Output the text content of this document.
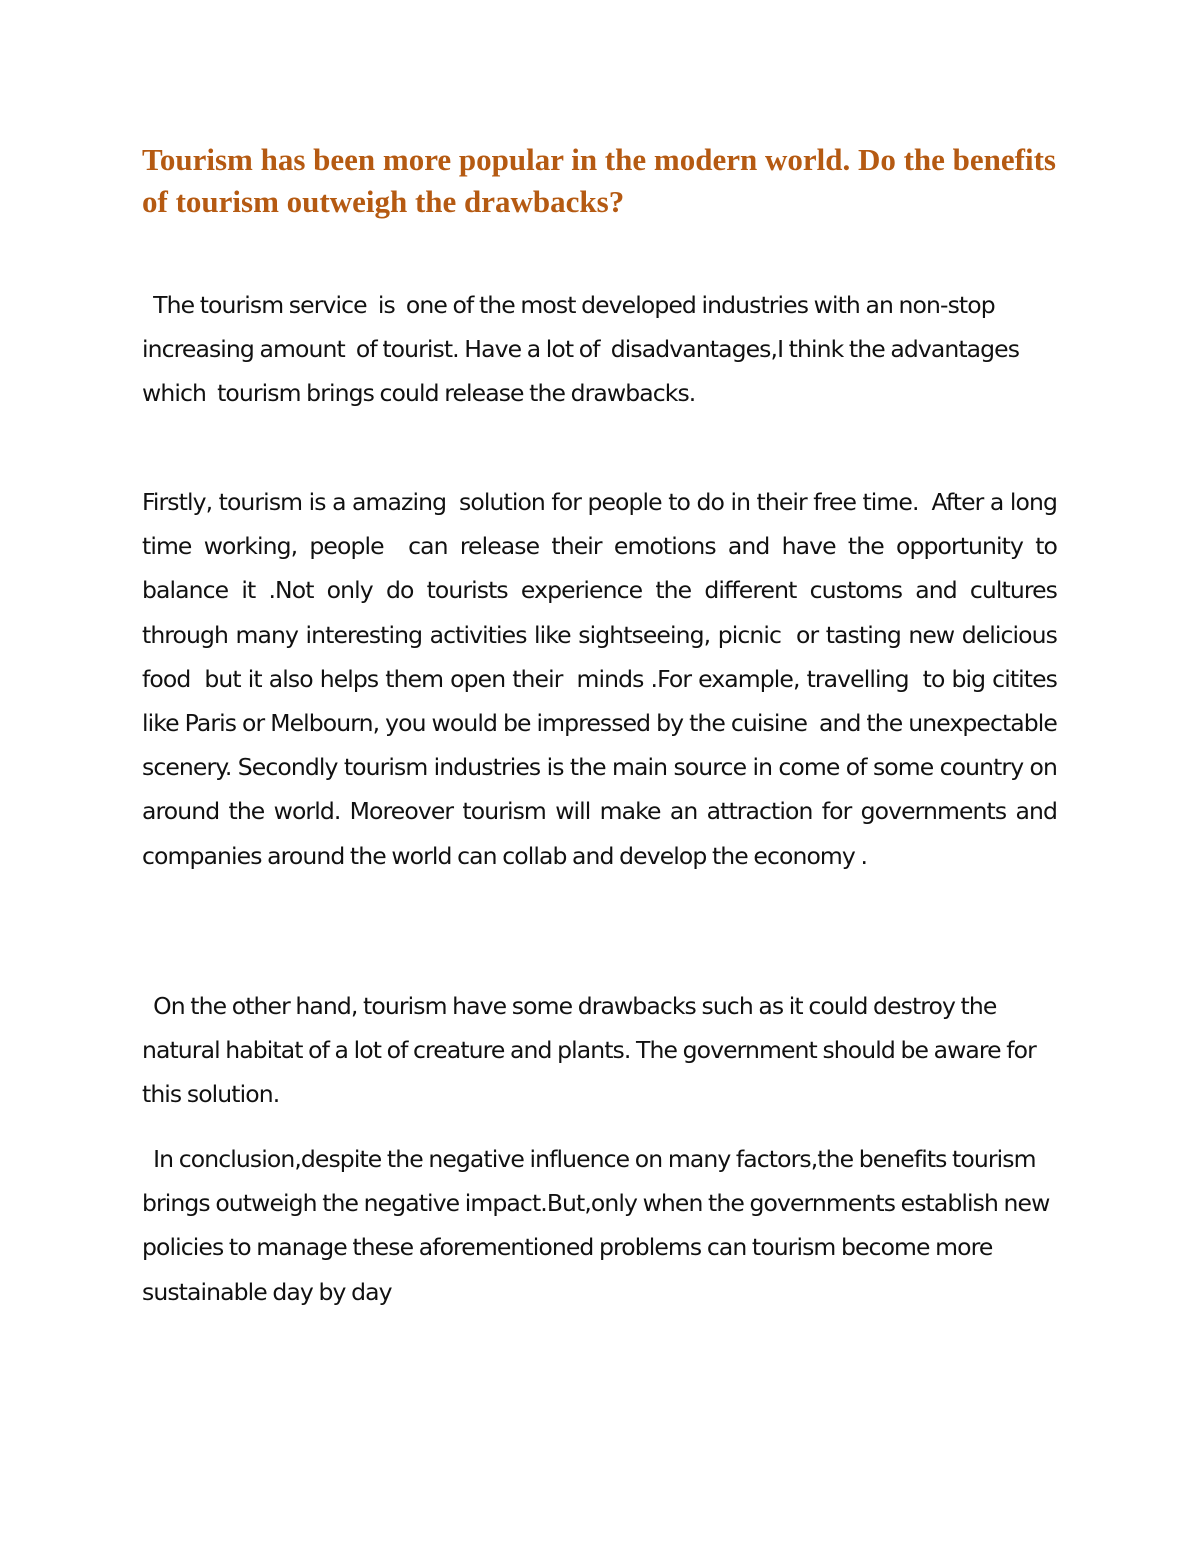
Tourism has been more popular in the modern world. Do the benefits of tourism outweigh the drawbacks?

The tourism service  is  one of the most developed industries with an non-stop  increasing amount  of tourist. Have a lot of  disadvantages,I think the advantages which  tourism brings could release the drawbacks.

Firstly, tourism is a amazing  solution for people to do in their free time.  After a long time working, people  can release their emotions and have the opportunity to balance it .Not only do tourists experience the different customs and cultures through many interesting activities like sightseeing, picnic  or tasting new delicious food  but it also helps them open their  minds .For example, travelling  to big citites like Paris or Melbourn, you would be impressed by the cuisine  and the unexpectable scenery. Secondly tourism industries is the main source in come of some country on around the world. Moreover tourism will make an attraction for governments and companies around the world can collab and develop the economy .

On the other hand, tourism have some drawbacks such as it could destroy the natural habitat of a lot of creature and plants. The government should be aware for this solution.

In conclusion,despite the negative influence on many factors,the benefits tourism brings outweigh the negative impact.But,only when the governments establish new policies to manage these aforementioned problems can tourism become more sustainable day by day
